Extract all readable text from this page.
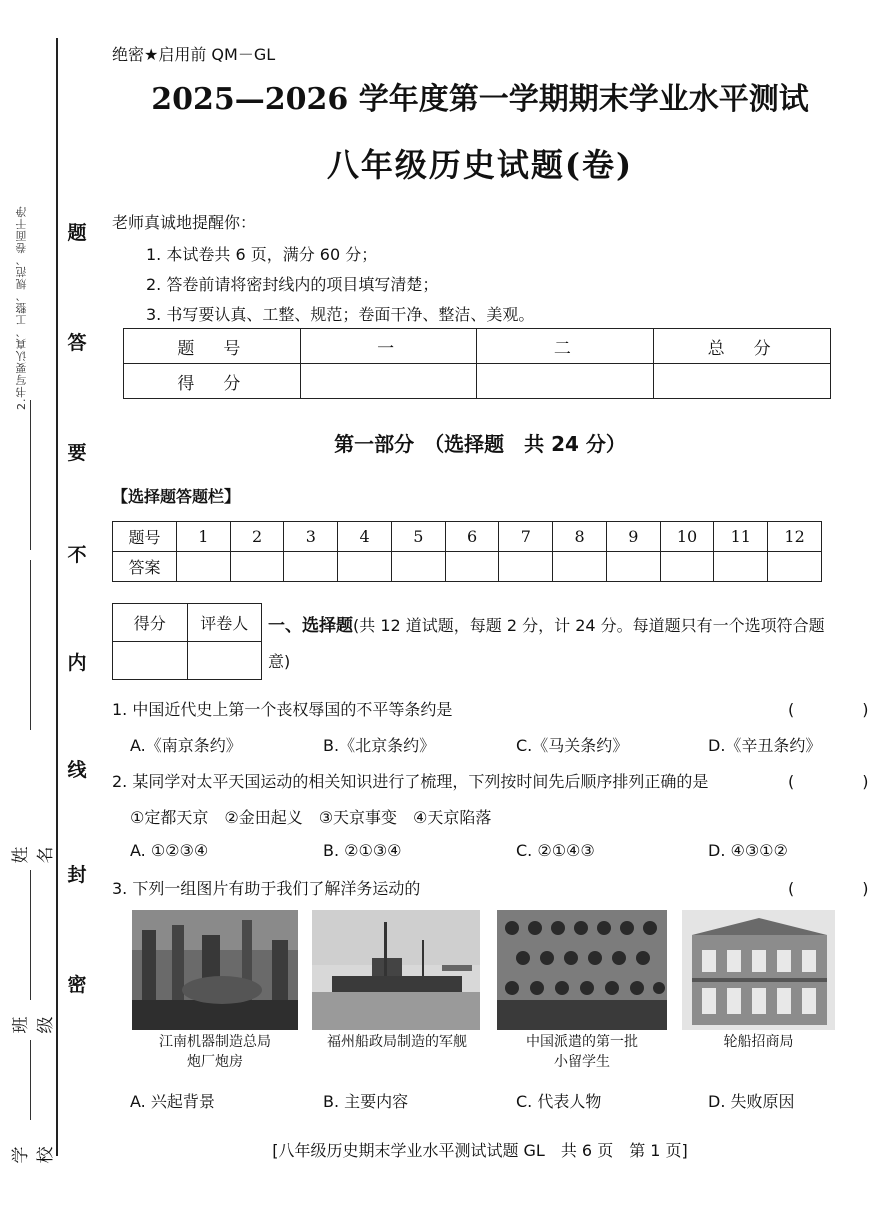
2.书写要认真、工整、规范、卷面干净
姓名
班级
学校
题
答
要
不
内
线
封
密
绝密★启用前 QM－GL
2025—2026 学年度第一学期期末学业水平测试
八年级历史试题(卷)
老师真诚地提醒你：
1. 本试卷共 6 页，满分 60 分；
2. 答卷前请将密封线内的项目填写清楚；
3. 书写要认真、工整、规范；卷面干净、整洁、美观。
题　号	一	二	总　分
得　分			
第一部分　（选择题　共 24 分）
【选择题答题栏】
题号	1	2	3	4	5	6	7	8	9	10	11	12
答案												
得分	评卷人
	一、选择题(共 12 道试题，每题 2 分，计 24 分。每道题只有一个选项符合题意)
1. 中国近代史上第一个丧权辱国的不平等条约是	(　)
A.《南京条约》	B.《北京条约》	C.《马关条约》	D.《辛丑条约》
2. 某同学对太平天国运动的相关知识进行了梳理，下列按时间先后顺序排列正确的是	(　)
①定都天京　②金田起义　③天京事变　④天京陷落
A. ①②③④	B. ②①③④	C. ②①④③	D. ④③①②
3. 下列一组图片有助于我们了解洋务运动的	(　)
江南机器制造总局
炮厂炮房
福州船政局制造的军舰	中国派遣的第一批
小留学生
轮船招商局
A. 兴起背景	B. 主要内容	C. 代表人物	D. 失败原因
[八年级历史期末学业水平测试试题 GL　共 6 页　第 1 页]
